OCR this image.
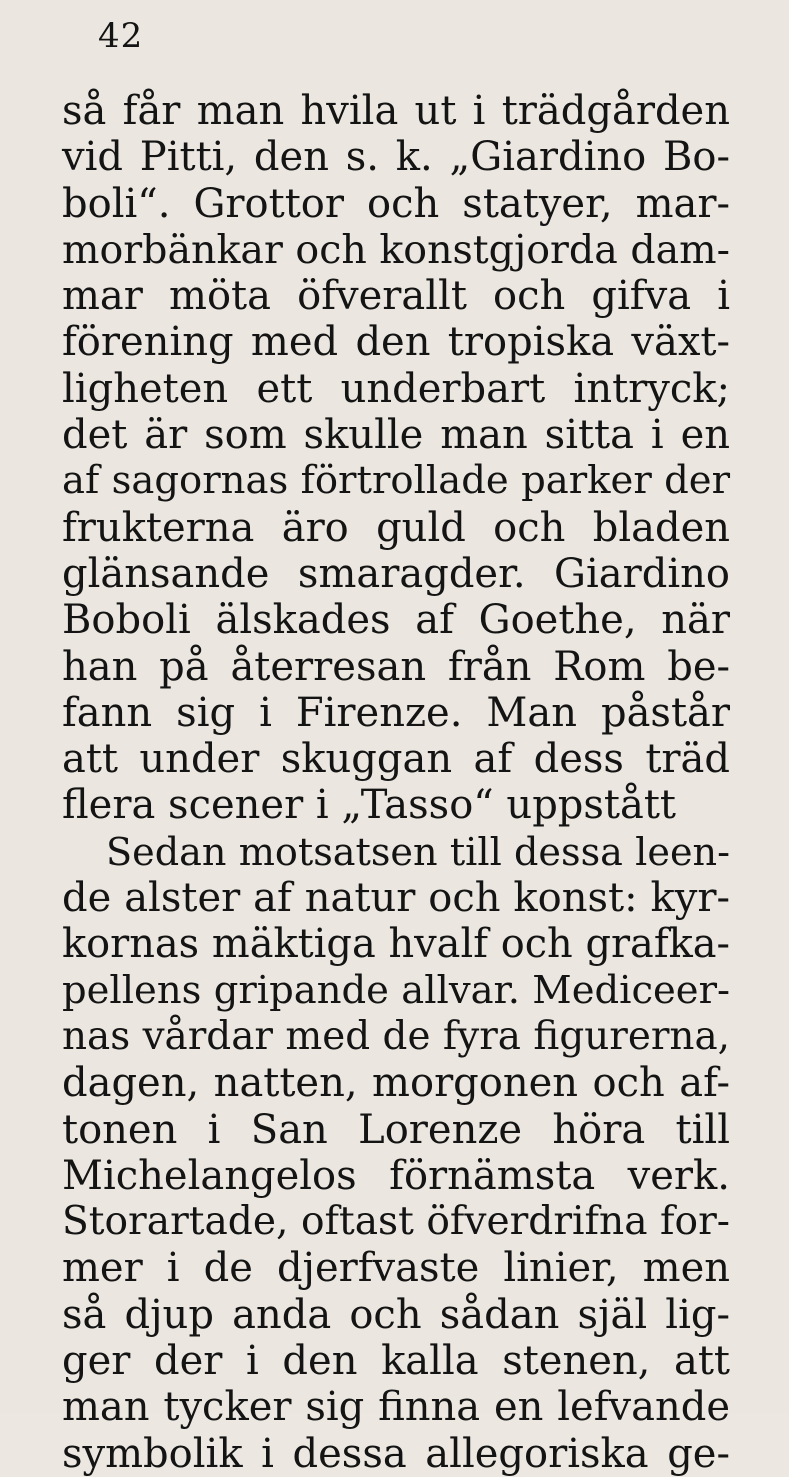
42
så får man hvila ut i trädgården
vid Pitti, den s. k. „Giardino Bo-
boli“. Grottor och statyer, mar-
morbänkar och konstgjorda dam-
mar möta öfverallt och gifva i
förening med den tropiska växt-
ligheten ett underbart intryck;
det är som skulle man sitta i en
af sagornas förtrollade parker der
frukterna äro guld och bladen
glänsande smaragder. Giardino
Boboli älskades af Goethe, när
han på återresan från Rom be-
fann sig i Firenze. Man påstår
att under skuggan af dess träd
flera scener i „Tasso“ uppstått
Sedan motsatsen till dessa leen-
de alster af natur och konst: kyr-
kornas mäktiga hvalf och grafka-
pellens gripande allvar. Mediceer-
nas vårdar med de fyra figurerna,
dagen, natten, morgonen och af-
tonen i San Lorenze höra till
Michelangelos förnämsta verk.
Storartade, oftast öfverdrifna for-
mer i de djerfvaste linier, men
så djup anda och sådan själ lig-
ger der i den kalla stenen, att
man tycker sig finna en lefvande
symbolik i dessa allegoriska ge-
